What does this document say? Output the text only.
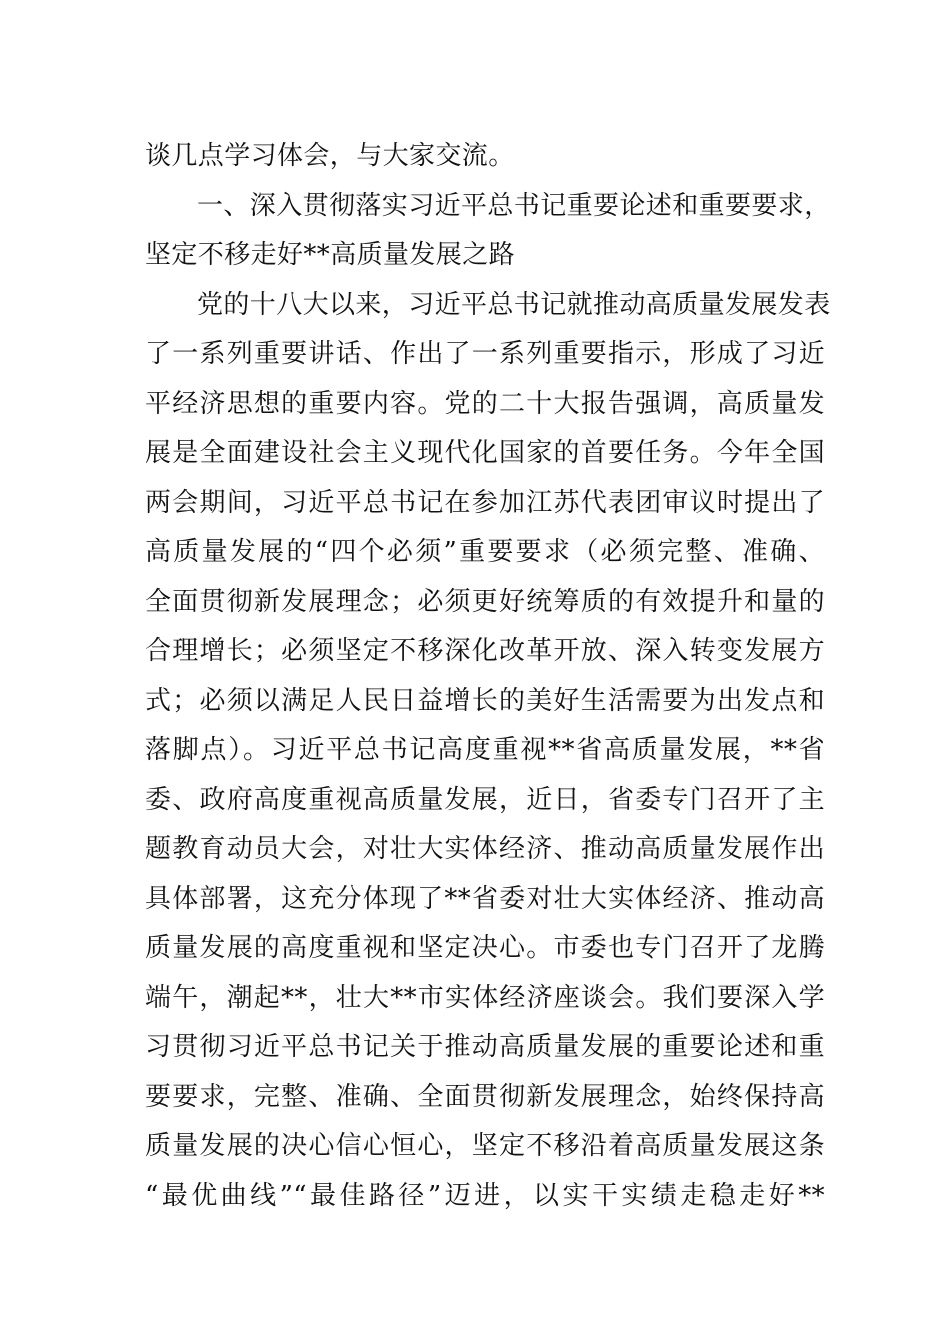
谈几点学习体会，与大家交流。
一、深入贯彻落实习近平总书记重要论述和重要要求，
坚定不移走好**高质量发展之路
党的十八大以来，习近平总书记就推动高质量发展发表
了一系列重要讲话、作出了一系列重要指示，形成了习近
平经济思想的重要内容。党的二十大报告强调，高质量发
展是全面建设社会主义现代化国家的首要任务。今年全国
两会期间，习近平总书记在参加江苏代表团审议时提出了
高质量发展的“四个必须”重要要求（必须完整、准确、
全面贯彻新发展理念；必须更好统筹质的有效提升和量的
合理增长；必须坚定不移深化改革开放、深入转变发展方
式；必须以满足人民日益增长的美好生活需要为出发点和
落脚点）。习近平总书记高度重视**省高质量发展，**省
委、政府高度重视高质量发展，近日，省委专门召开了主
题教育动员大会，对壮大实体经济、推动高质量发展作出
具体部署，这充分体现了**省委对壮大实体经济、推动高
质量发展的高度重视和坚定决心。市委也专门召开了龙腾
端午，潮起**，壮大**市实体经济座谈会。我们要深入学
习贯彻习近平总书记关于推动高质量发展的重要论述和重
要要求，完整、准确、全面贯彻新发展理念，始终保持高
质量发展的决心信心恒心，坚定不移沿着高质量发展这条
“最优曲线”“最佳路径”迈进，以实干实绩走稳走好**
